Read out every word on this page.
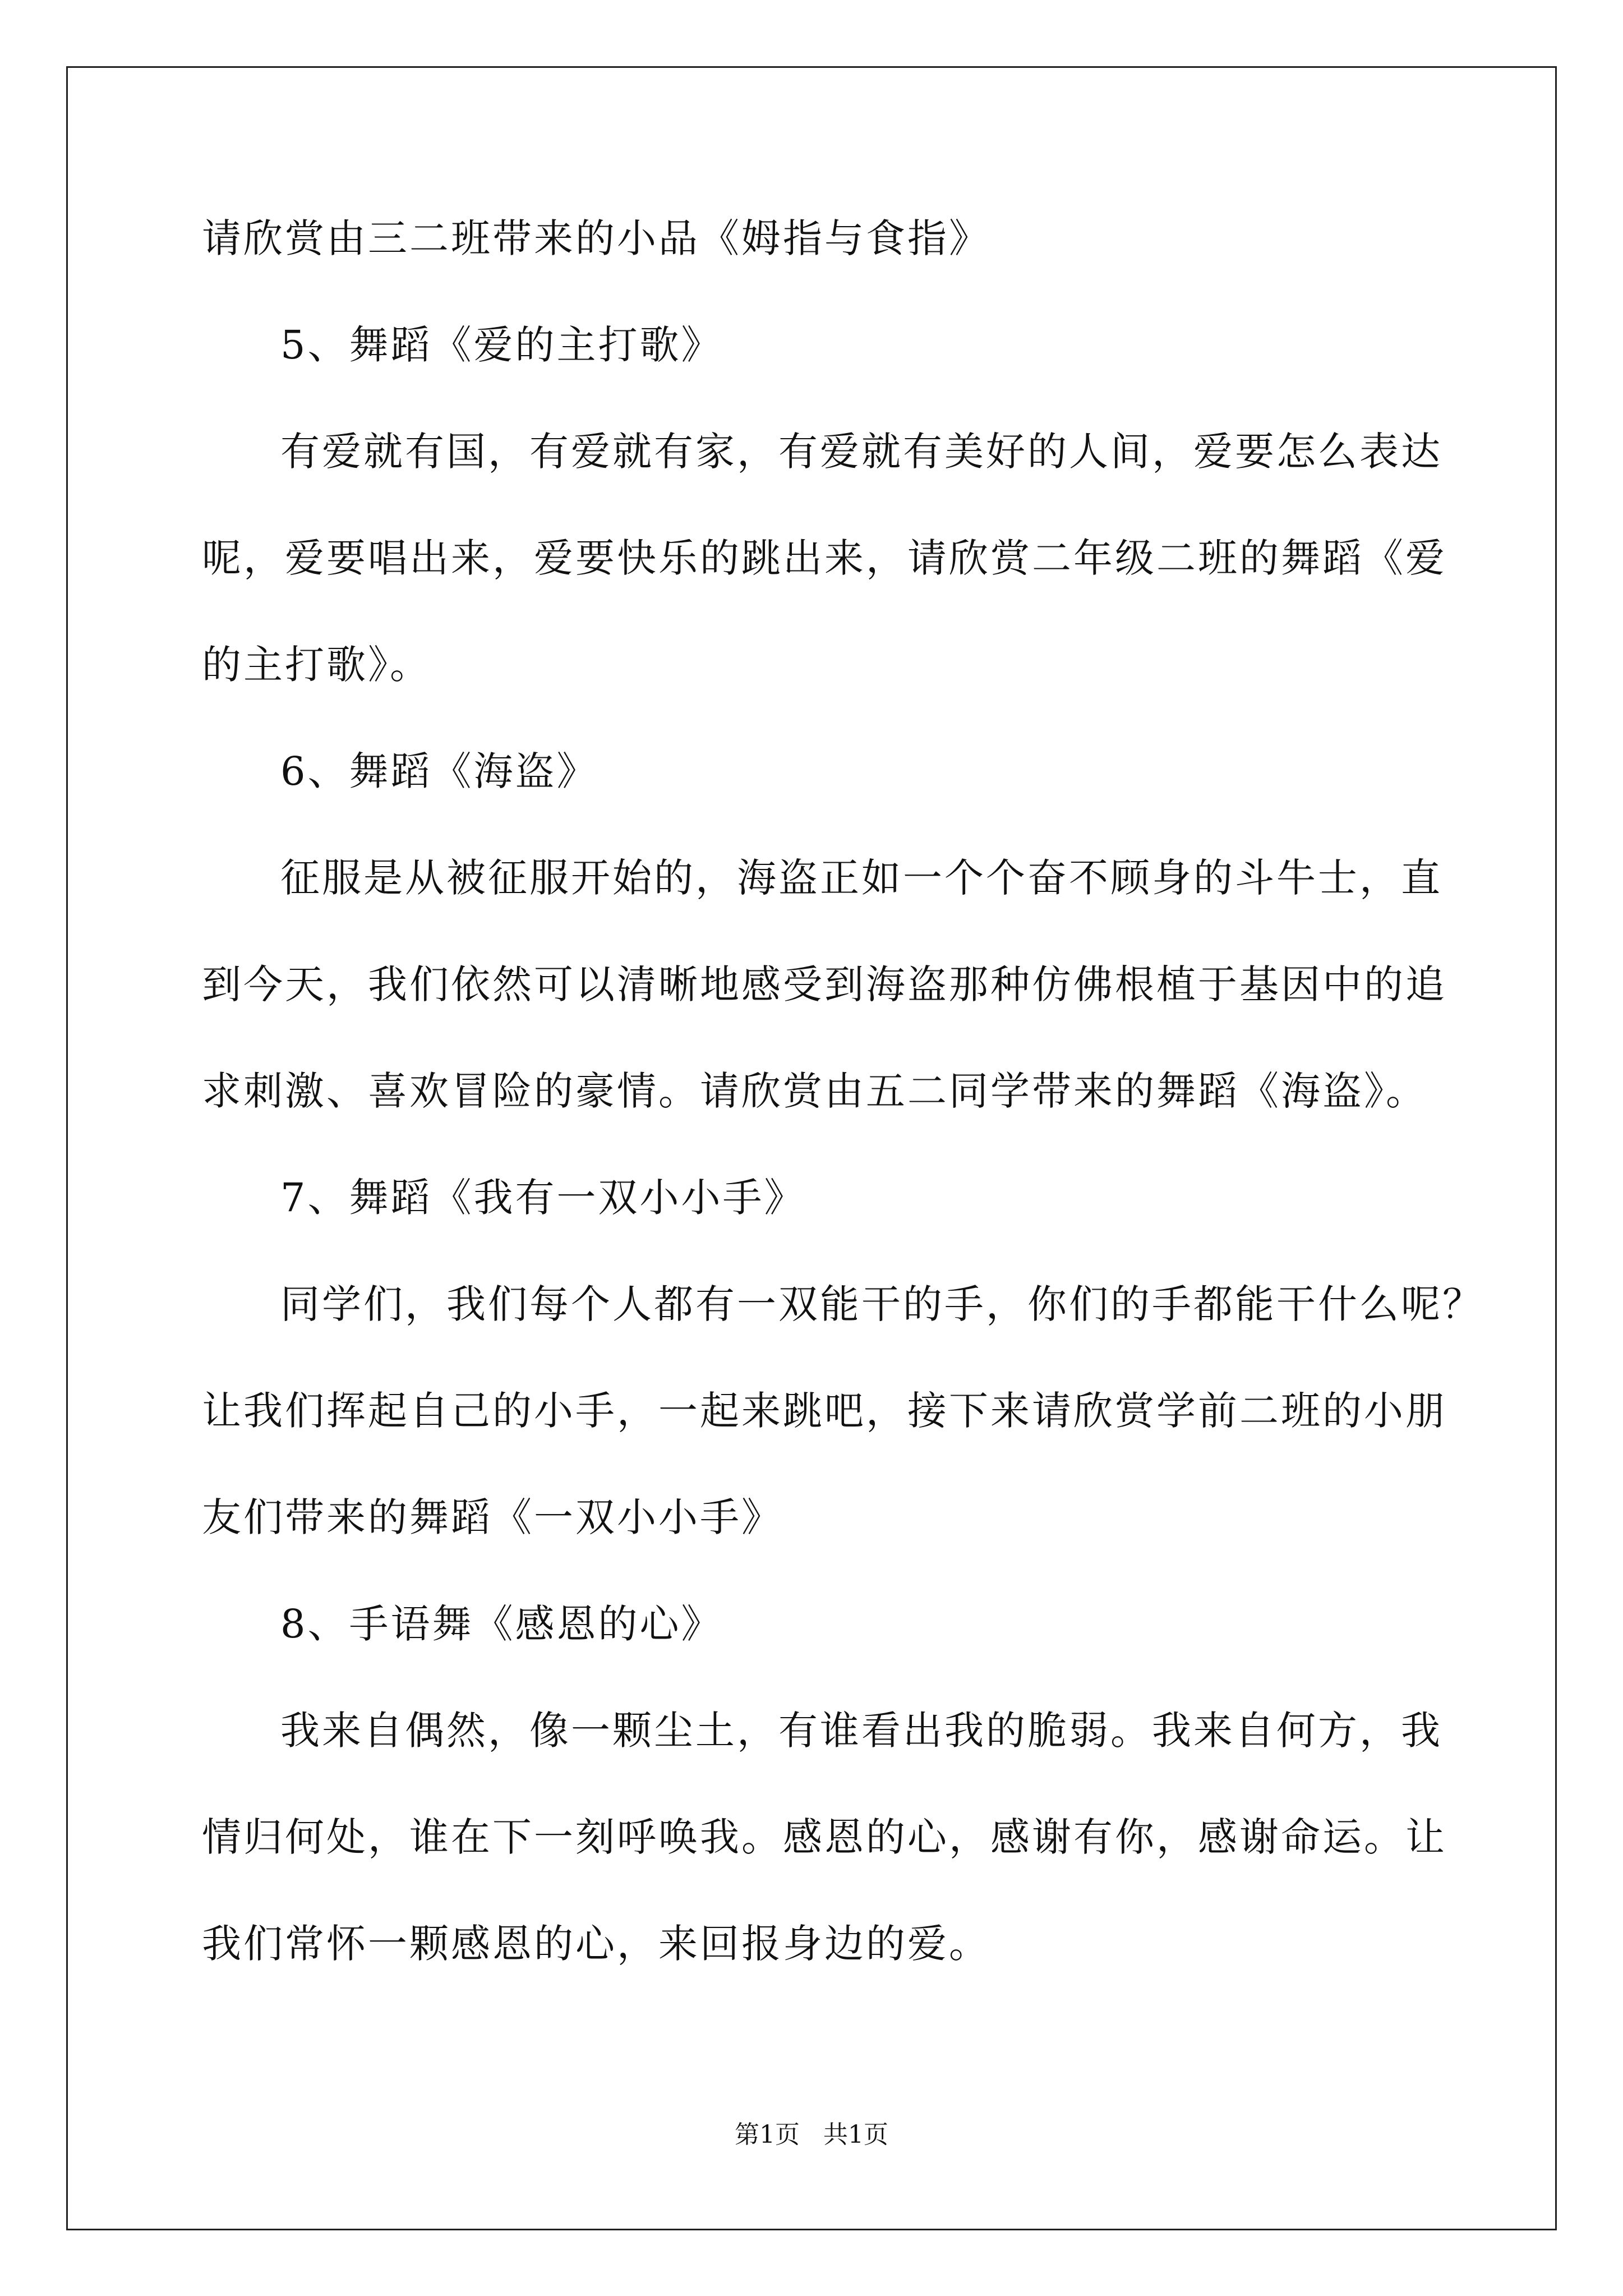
请欣赏由三二班带来的小品《姆指与食指》
5、舞蹈《爱的主打歌》
有爱就有国，有爱就有家，有爱就有美好的人间，爱要怎么表达
呢，爱要唱出来，爱要快乐的跳出来，请欣赏二年级二班的舞蹈《爱
的主打歌》。
6、舞蹈《海盗》
征服是从被征服开始的，海盗正如一个个奋不顾身的斗牛士，直
到今天，我们依然可以清晰地感受到海盗那种仿佛根植于基因中的追
求刺激、喜欢冒险的豪情。请欣赏由五二同学带来的舞蹈《海盗》。
7、舞蹈《我有一双小小手》
同学们，我们每个人都有一双能干的手，你们的手都能干什么呢？
让我们挥起自己的小手，一起来跳吧，接下来请欣赏学前二班的小朋
友们带来的舞蹈《一双小小手》
8、手语舞《感恩的心》
我来自偶然，像一颗尘土，有谁看出我的脆弱。我来自何方，我
情归何处，谁在下一刻呼唤我。感恩的心，感谢有你，感谢命运。让
我们常怀一颗感恩的心，来回报身边的爱。
第1页 共1页
